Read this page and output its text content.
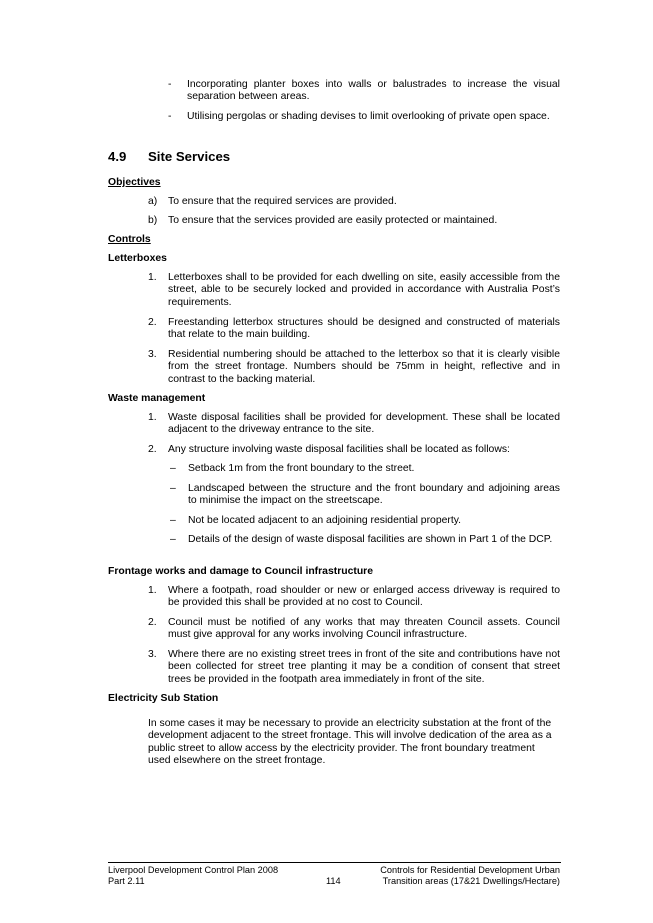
- Incorporating planter boxes into walls or balustrades to increase the visual separation between areas.
- Utilising pergolas or shading devises to limit overlooking of private open space.
4.9 Site Services
Objectives
a) To ensure that the required services are provided.
b) To ensure that the services provided are easily protected or maintained.
Controls
Letterboxes
1. Letterboxes shall to be provided for each dwelling on site, easily accessible from the street, able to be securely locked and provided in accordance with Australia Post’s requirements.
2. Freestanding letterbox structures should be designed and constructed of materials that relate to the main building.
3. Residential numbering should be attached to the letterbox so that it is clearly visible from the street frontage. Numbers should be 75mm in height, reflective and in contrast to the backing material.
Waste management
1. Waste disposal facilities shall be provided for development. These shall be located adjacent to the driveway entrance to the site.
2. Any structure involving waste disposal facilities shall be located as follows:
– Setback 1m from the front boundary to the street.
– Landscaped between the structure and the front boundary and adjoining areas to minimise the impact on the streetscape.
– Not be located adjacent to an adjoining residential property.
– Details of the design of waste disposal facilities are shown in Part 1 of the DCP.
Frontage works and damage to Council infrastructure
1. Where a footpath, road shoulder or new or enlarged access driveway is required to be provided this shall be provided at no cost to Council.
2. Council must be notified of any works that may threaten Council assets. Council must give approval for any works involving Council infrastructure.
3. Where there are no existing street trees in front of the site and contributions have not been collected for street tree planting it may be a condition of consent that street trees be provided in the footpath area immediately in front of the site.
Electricity Sub Station
In some cases it may be necessary to provide an electricity substation at the front of the development adjacent to the street frontage. This will involve dedication of the area as a public street to allow access by the electricity provider. The front boundary treatment used elsewhere on the street frontage.
Liverpool Development Control Plan 2008
Part 2.11	114
Controls for Residential Development Urban
Transition areas (17&21 Dwellings/Hectare)
